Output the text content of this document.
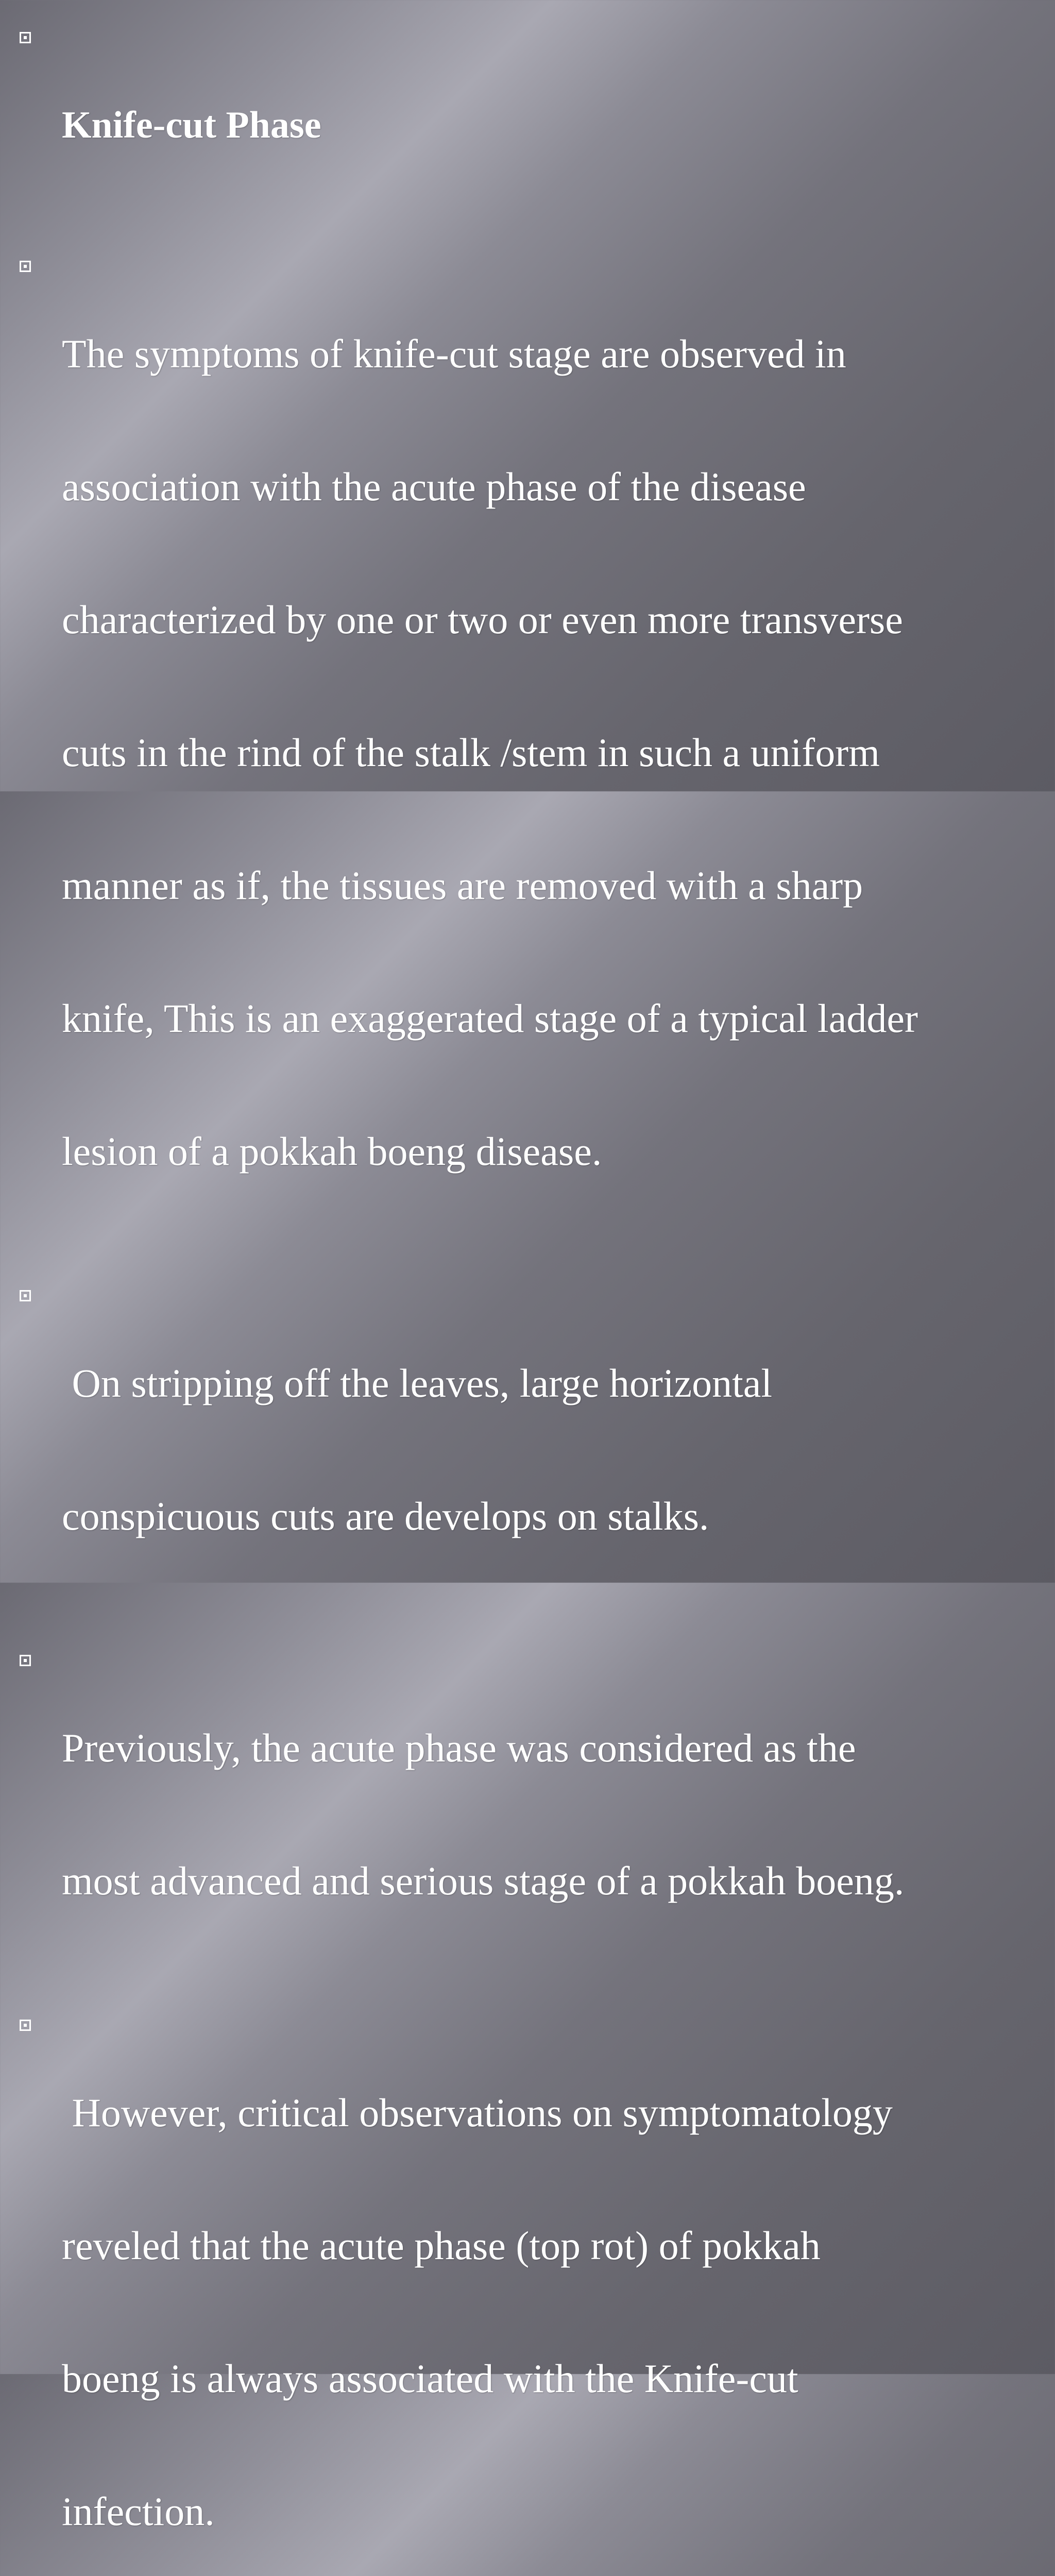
Knife-cut Phase

The symptoms of knife-cut stage are observed in

association with the acute phase of the disease

characterized by one or two or even more transverse

cuts in the rind of the stalk /stem in such a uniform

manner as if, the tissues are removed with a sharp

knife, This is an exaggerated stage of a typical ladder

lesion of a pokkah boeng disease.

On stripping off the leaves, large horizontal

conspicuous cuts are develops on stalks.

Previously, the acute phase was considered as the

most advanced and serious stage of a pokkah boeng.

However, critical observations on symptomatology

reveled that the acute phase (top rot) of pokkah

boeng is always associated with the Knife-cut

infection.
